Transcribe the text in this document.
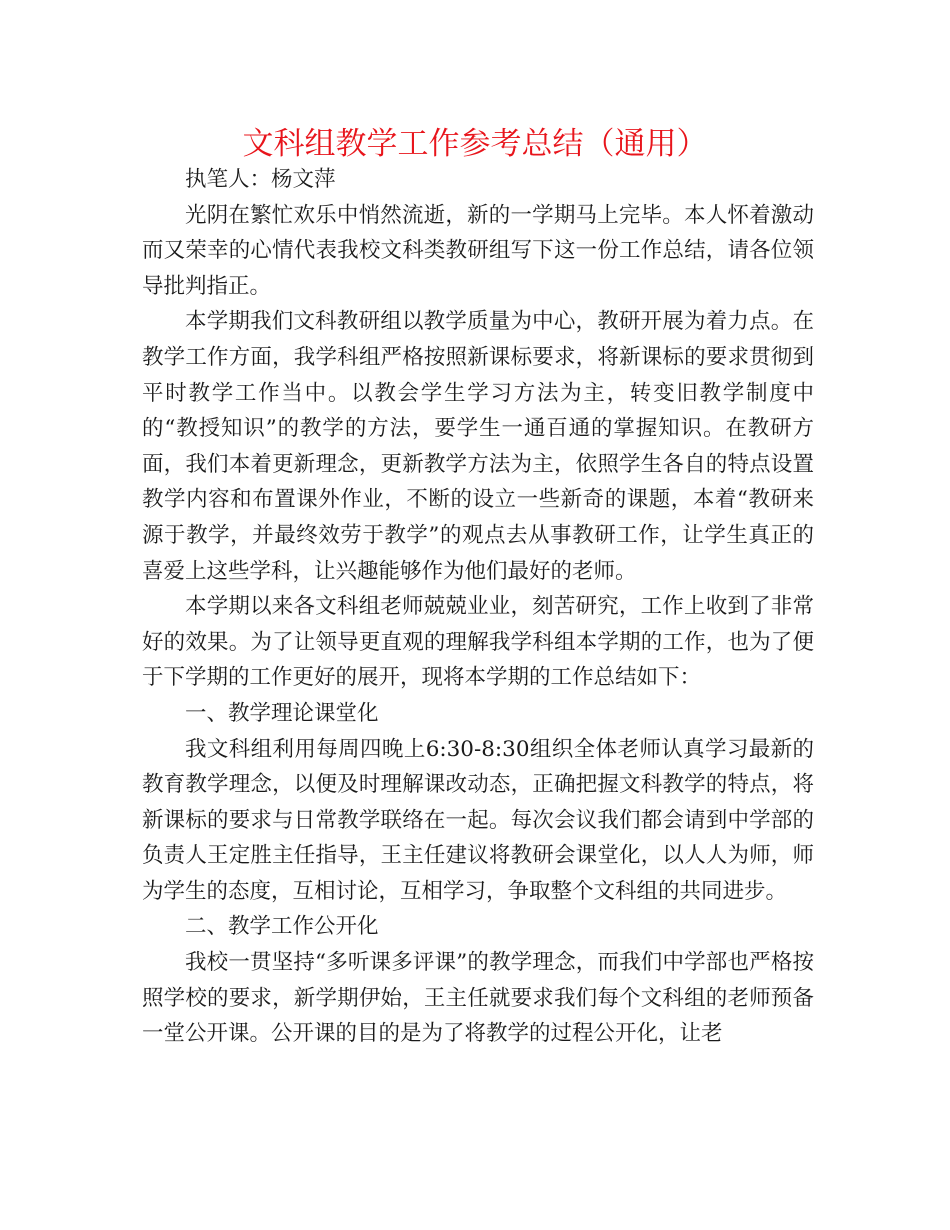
文科组教学工作参考总结（通用）

执笔人：杨文萍

光阴在繁忙欢乐中悄然流逝，新的一学期马上完毕。本人怀着激动而又荣幸的心情代表我校文科类教研组写下这一份工作总结，请各位领导批判指正。

本学期我们文科教研组以教学质量为中心，教研开展为着力点。在教学工作方面，我学科组严格按照新课标要求，将新课标的要求贯彻到平时教学工作当中。以教会学生学习方法为主，转变旧教学制度中的“教授知识”的教学的方法，要学生一通百通的掌握知识。在教研方面，我们本着更新理念，更新教学方法为主，依照学生各自的特点设置教学内容和布置课外作业，不断的设立一些新奇的课题，本着“教研来源于教学，并最终效劳于教学”的观点去从事教研工作，让学生真正的喜爱上这些学科，让兴趣能够作为他们最好的老师。

本学期以来各文科组老师兢兢业业，刻苦研究，工作上收到了非常好的效果。为了让领导更直观的理解我学科组本学期的工作，也为了便于下学期的工作更好的展开，现将本学期的工作总结如下：

一、教学理论课堂化

我文科组利用每周四晚上6:30-8:30组织全体老师认真学习最新的教育教学理念，以便及时理解课改动态，正确把握文科教学的特点，将新课标的要求与日常教学联络在一起。每次会议我们都会请到中学部的负责人王定胜主任指导，王主任建议将教研会课堂化，以人人为师，师为学生的态度，互相讨论，互相学习，争取整个文科组的共同进步。

二、教学工作公开化

我校一贯坚持“多听课多评课”的教学理念，而我们中学部也严格按照学校的要求，新学期伊始，王主任就要求我们每个文科组的老师预备一堂公开课。公开课的目的是为了将教学的过程公开化，让老
